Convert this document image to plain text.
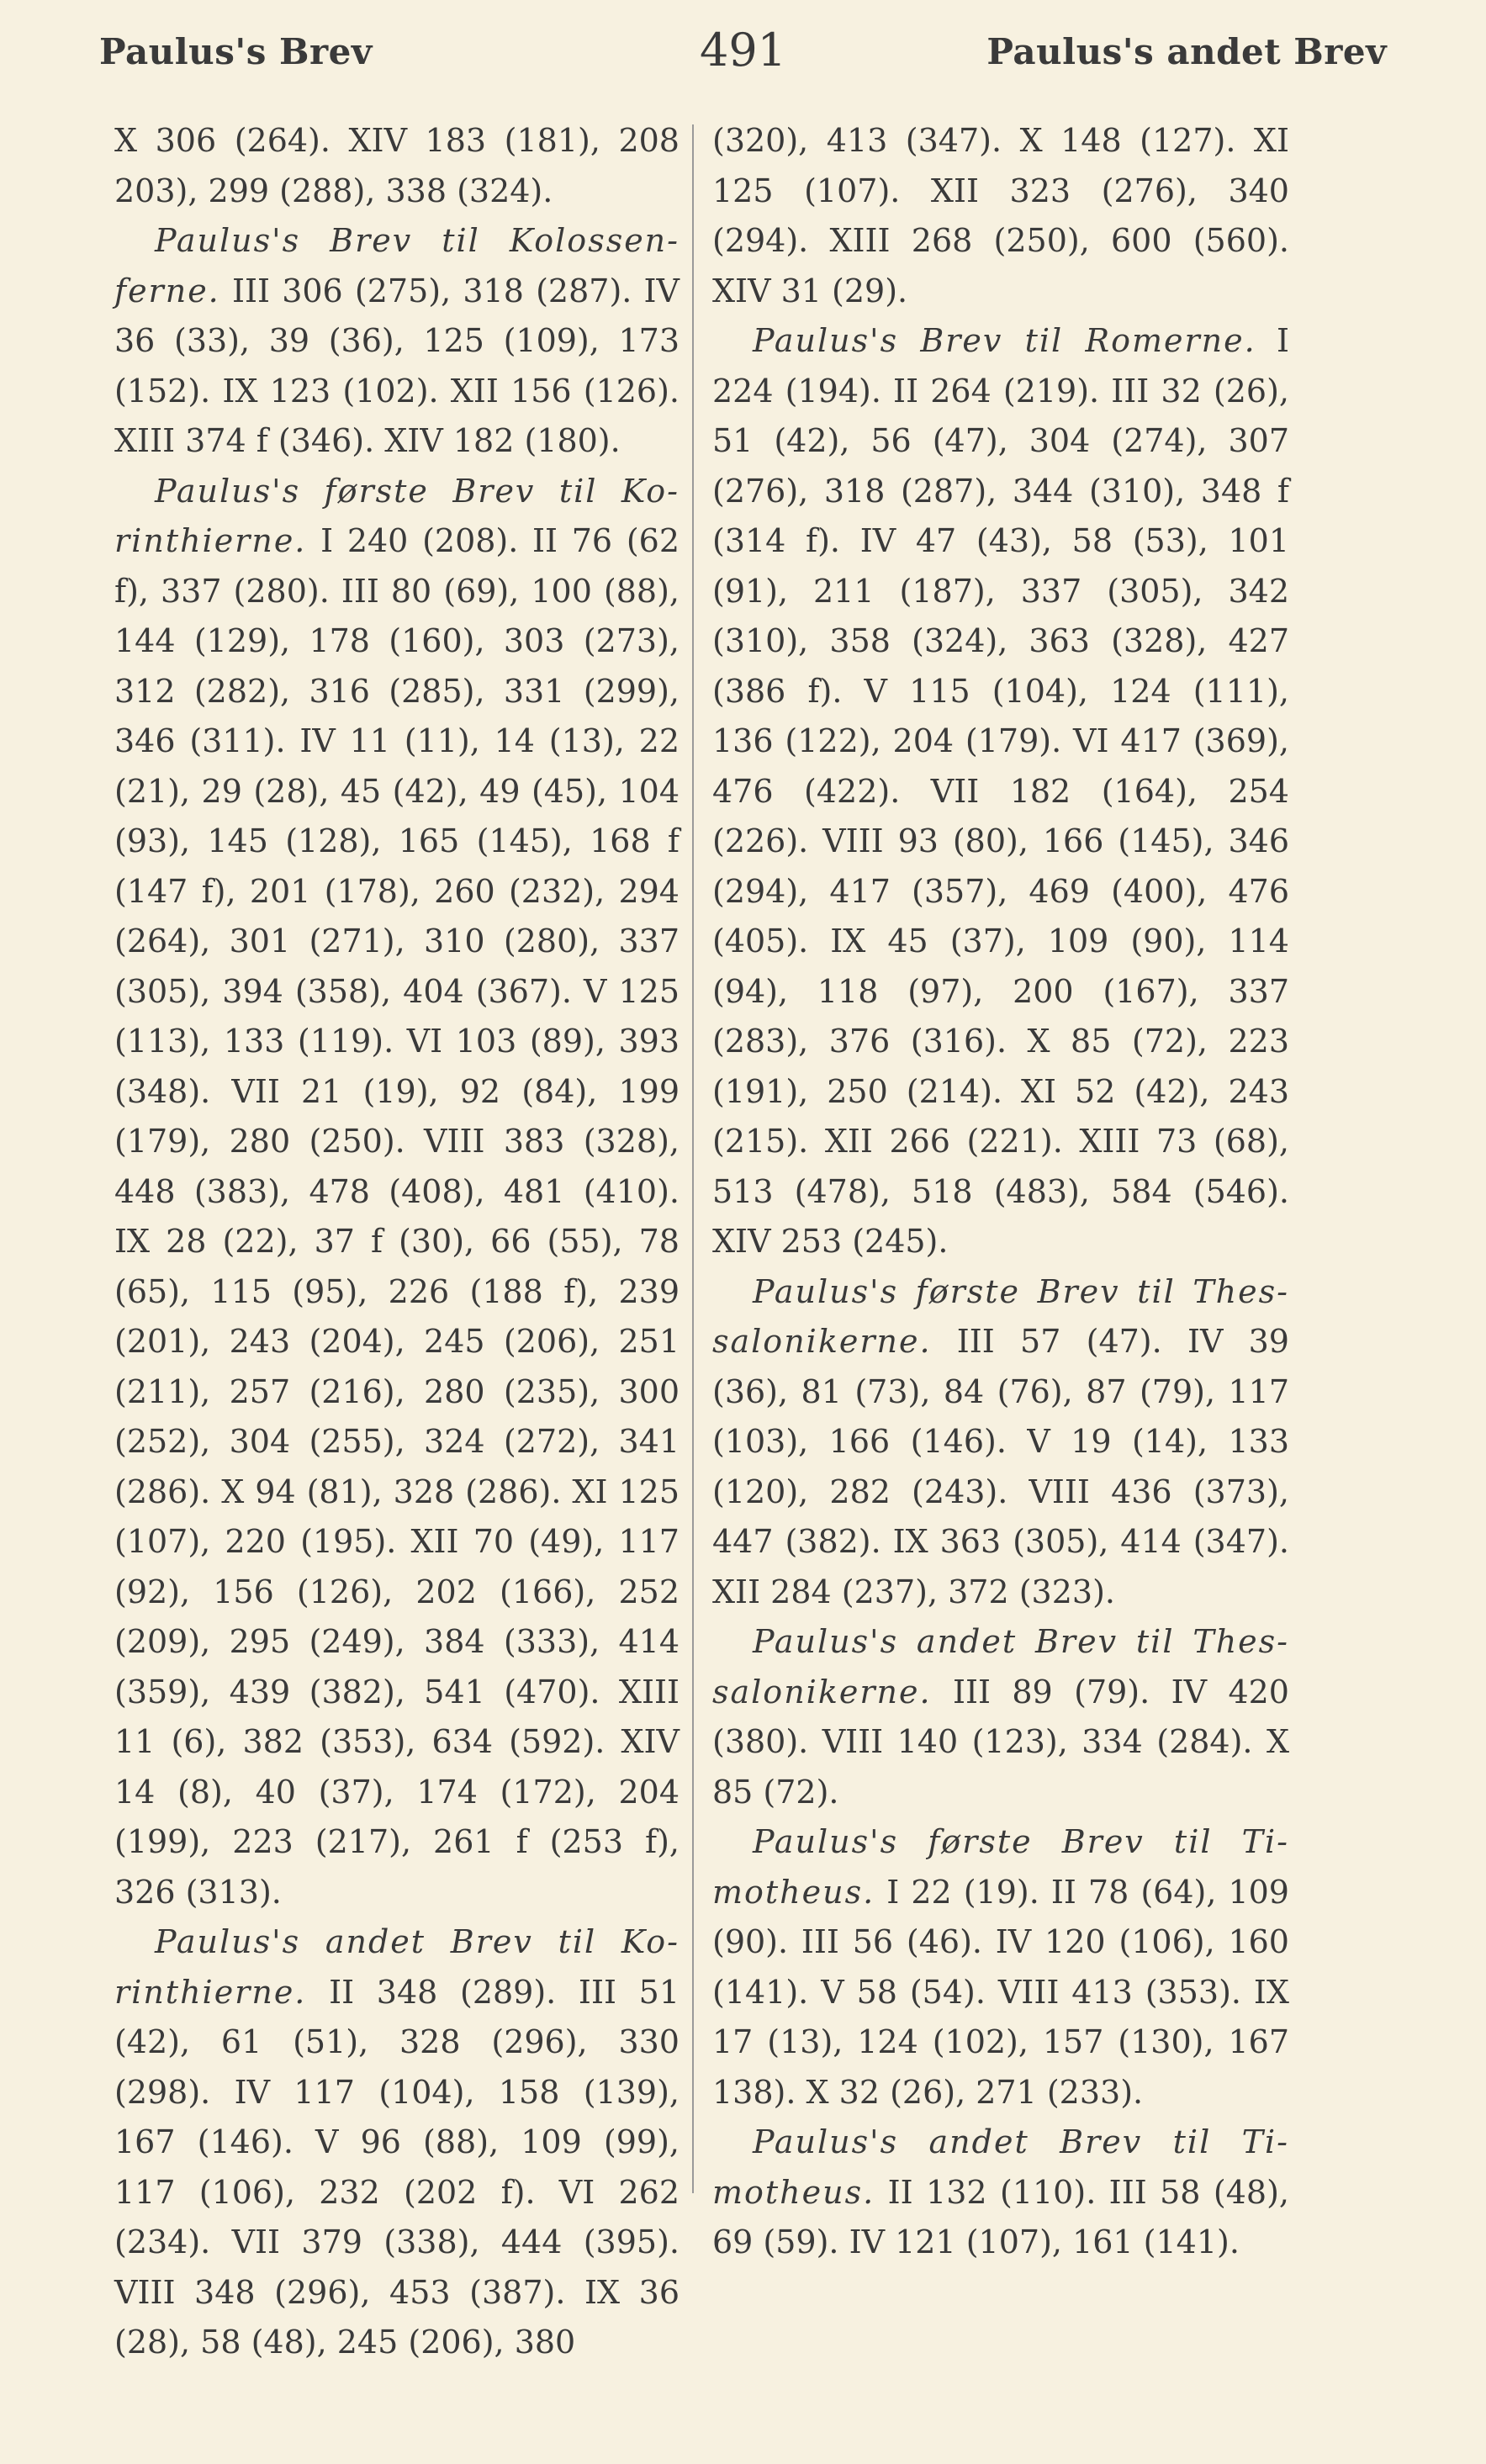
Paulus's Brev	491	Paulus's andet Brev

X 306 (264). XIV 183 (181), 208 203), 299 (288), 338 (324).

Paulus's Brev til Kolossen-ferne. III 306 (275), 318 (287). IV 36 (33), 39 (36), 125 (109), 173 (152). IX 123 (102). XII 156 (126). XIII 374 f (346). XIV 182 (180).

Paulus's første Brev til Ko-rinthierne. I 240 (208). II 76 (62 f), 337 (280). III 80 (69), 100 (88), 144 (129), 178 (160), 303 (273), 312 (282), 316 (285), 331 (299), 346 (311). IV 11 (11), 14 (13), 22 (21), 29 (28), 45 (42), 49 (45), 104 (93), 145 (128), 165 (145), 168 f (147 f), 201 (178), 260 (232), 294 (264), 301 (271), 310 (280), 337 (305), 394 (358), 404 (367). V 125 (113), 133 (119). VI 103 (89), 393 (348). VII 21 (19), 92 (84), 199 (179), 280 (250). VIII 383 (328), 448 (383), 478 (408), 481 (410). IX 28 (22), 37 f (30), 66 (55), 78 (65), 115 (95), 226 (188 f), 239 (201), 243 (204), 245 (206), 251 (211), 257 (216), 280 (235), 300 (252), 304 (255), 324 (272), 341 (286). X 94 (81), 328 (286). XI 125 (107), 220 (195). XII 70 (49), 117 (92), 156 (126), 202 (166), 252 (209), 295 (249), 384 (333), 414 (359), 439 (382), 541 (470). XIII 11 (6), 382 (353), 634 (592). XIV 14 (8), 40 (37), 174 (172), 204 (199), 223 (217), 261 f (253 f), 326 (313).

Paulus's andet Brev til Ko-rinthierne. II 348 (289). III 51 (42), 61 (51), 328 (296), 330 (298). IV 117 (104), 158 (139), 167 (146). V 96 (88), 109 (99), 117 (106), 232 (202 f). VI 262 (234). VII 379 (338), 444 (395). VIII 348 (296), 453 (387). IX 36 (28), 58 (48), 245 (206), 380

(320), 413 (347). X 148 (127). XI 125 (107). XII 323 (276), 340 (294). XIII 268 (250), 600 (560). XIV 31 (29).

Paulus's Brev til Romerne. I 224 (194). II 264 (219). III 32 (26), 51 (42), 56 (47), 304 (274), 307 (276), 318 (287), 344 (310), 348 f (314 f). IV 47 (43), 58 (53), 101 (91), 211 (187), 337 (305), 342 (310), 358 (324), 363 (328), 427 (386 f). V 115 (104), 124 (111), 136 (122), 204 (179). VI 417 (369), 476 (422). VII 182 (164), 254 (226). VIII 93 (80), 166 (145), 346 (294), 417 (357), 469 (400), 476 (405). IX 45 (37), 109 (90), 114 (94), 118 (97), 200 (167), 337 (283), 376 (316). X 85 (72), 223 (191), 250 (214). XI 52 (42), 243 (215). XII 266 (221). XIII 73 (68), 513 (478), 518 (483), 584 (546). XIV 253 (245).

Paulus's første Brev til Thes-salonikerne. III 57 (47). IV 39 (36), 81 (73), 84 (76), 87 (79), 117 (103), 166 (146). V 19 (14), 133 (120), 282 (243). VIII 436 (373), 447 (382). IX 363 (305), 414 (347). XII 284 (237), 372 (323).

Paulus's andet Brev til Thes-salonikerne. III 89 (79). IV 420 (380). VIII 140 (123), 334 (284). X 85 (72).

Paulus's første Brev til Ti-motheus. I 22 (19). II 78 (64), 109 (90). III 56 (46). IV 120 (106), 160 (141). V 58 (54). VIII 413 (353). IX 17 (13), 124 (102), 157 (130), 167 138). X 32 (26), 271 (233).

Paulus's andet Brev til Ti-motheus. II 132 (110). III 58 (48), 69 (59). IV 121 (107), 161 (141).
